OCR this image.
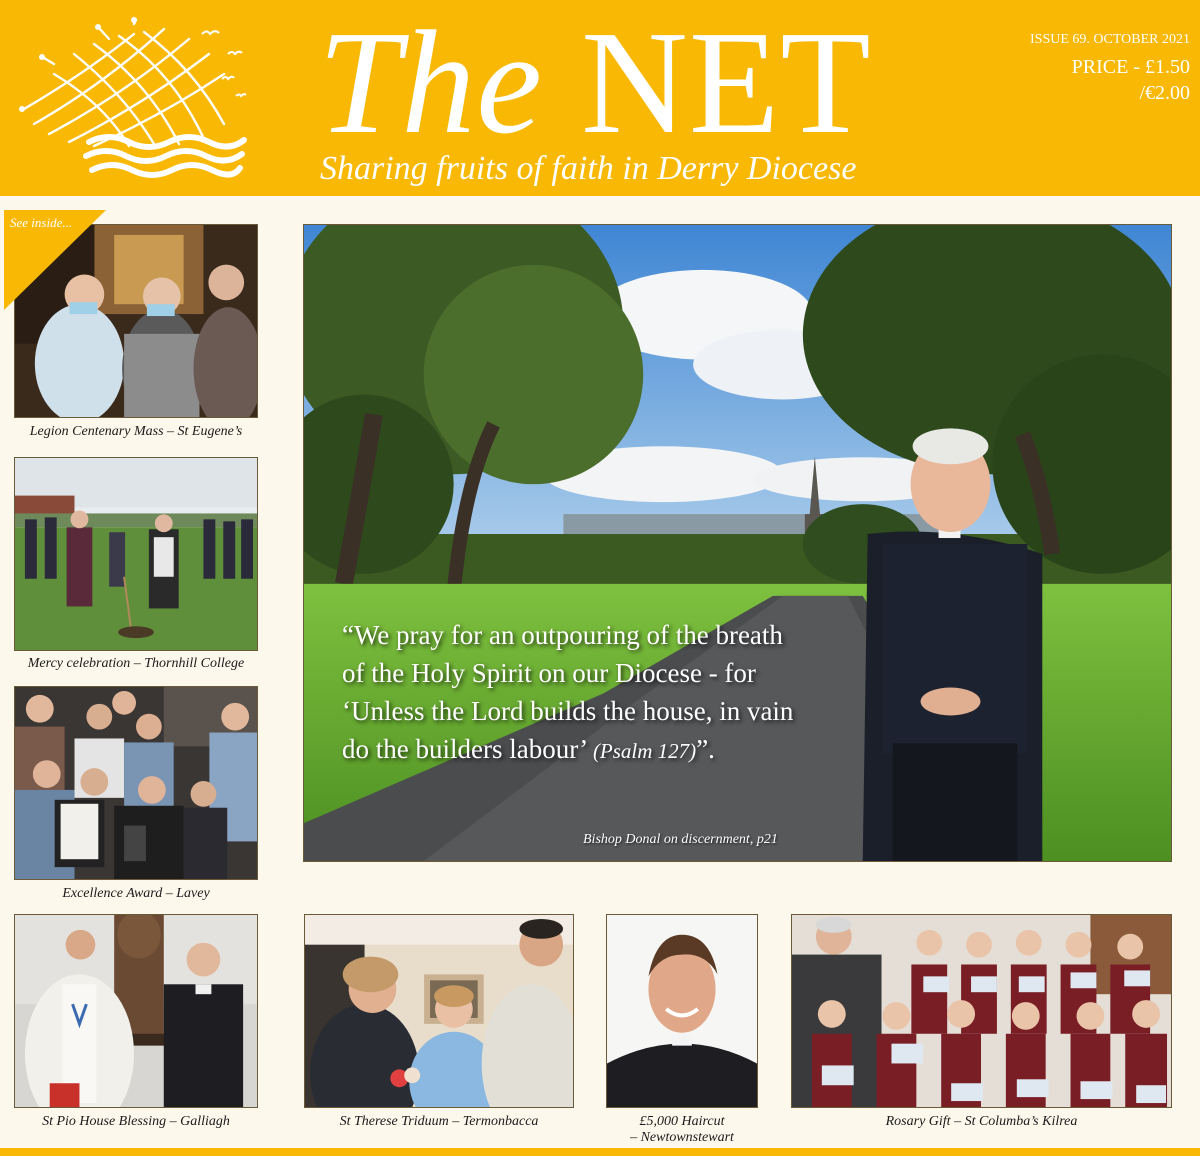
The NET
Sharing fruits of faith in Derry Diocese
ISSUE 69. OCTOBER 2021
PRICE - £1.50
/€2.00
See inside...
Legion Centenary Mass – St Eugene’s
Mercy celebration – Thornhill College
Excellence Award – Lavey
“We pray for an outpouring of the breath of the Holy Spirit on our Diocese - for ‘Unless the Lord builds the house, in vain do the builders labour’ (Psalm 127)”.
Bishop Donal on discernment, p21
St Pio House Blessing – Galliagh	St Therese Triduum – Termonbacca	£5,000 Haircut
– Newtownstewart
Rosary Gift – St Columba’s Kilrea
